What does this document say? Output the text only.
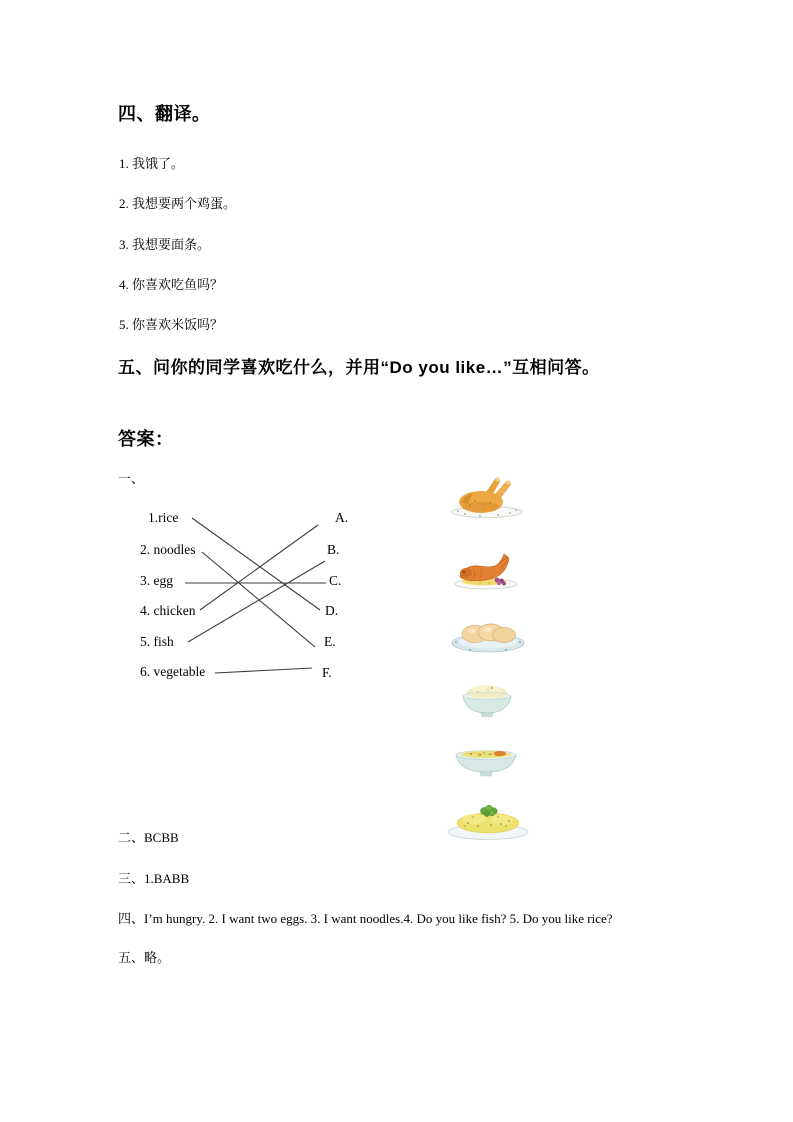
四、翻译。
1. 我饿了。
2. 我想要两个鸡蛋。
3. 我想要面条。
4. 你喜欢吃鱼吗？
5. 你喜欢米饭吗？
五、问你的同学喜欢吃什么，并用“Do you like…”互相问答。
答案：
一、
1.rice
2. noodles
3. egg
4. chicken
5. fish
6. vegetable
A.
B.
C.
D.
E.
F.
二、BCBB
三、1.BABB
四、I’m hungry. 2. I want two eggs. 3. I want noodles.4. Do you like fish? 5. Do you like rice?
五、略。
